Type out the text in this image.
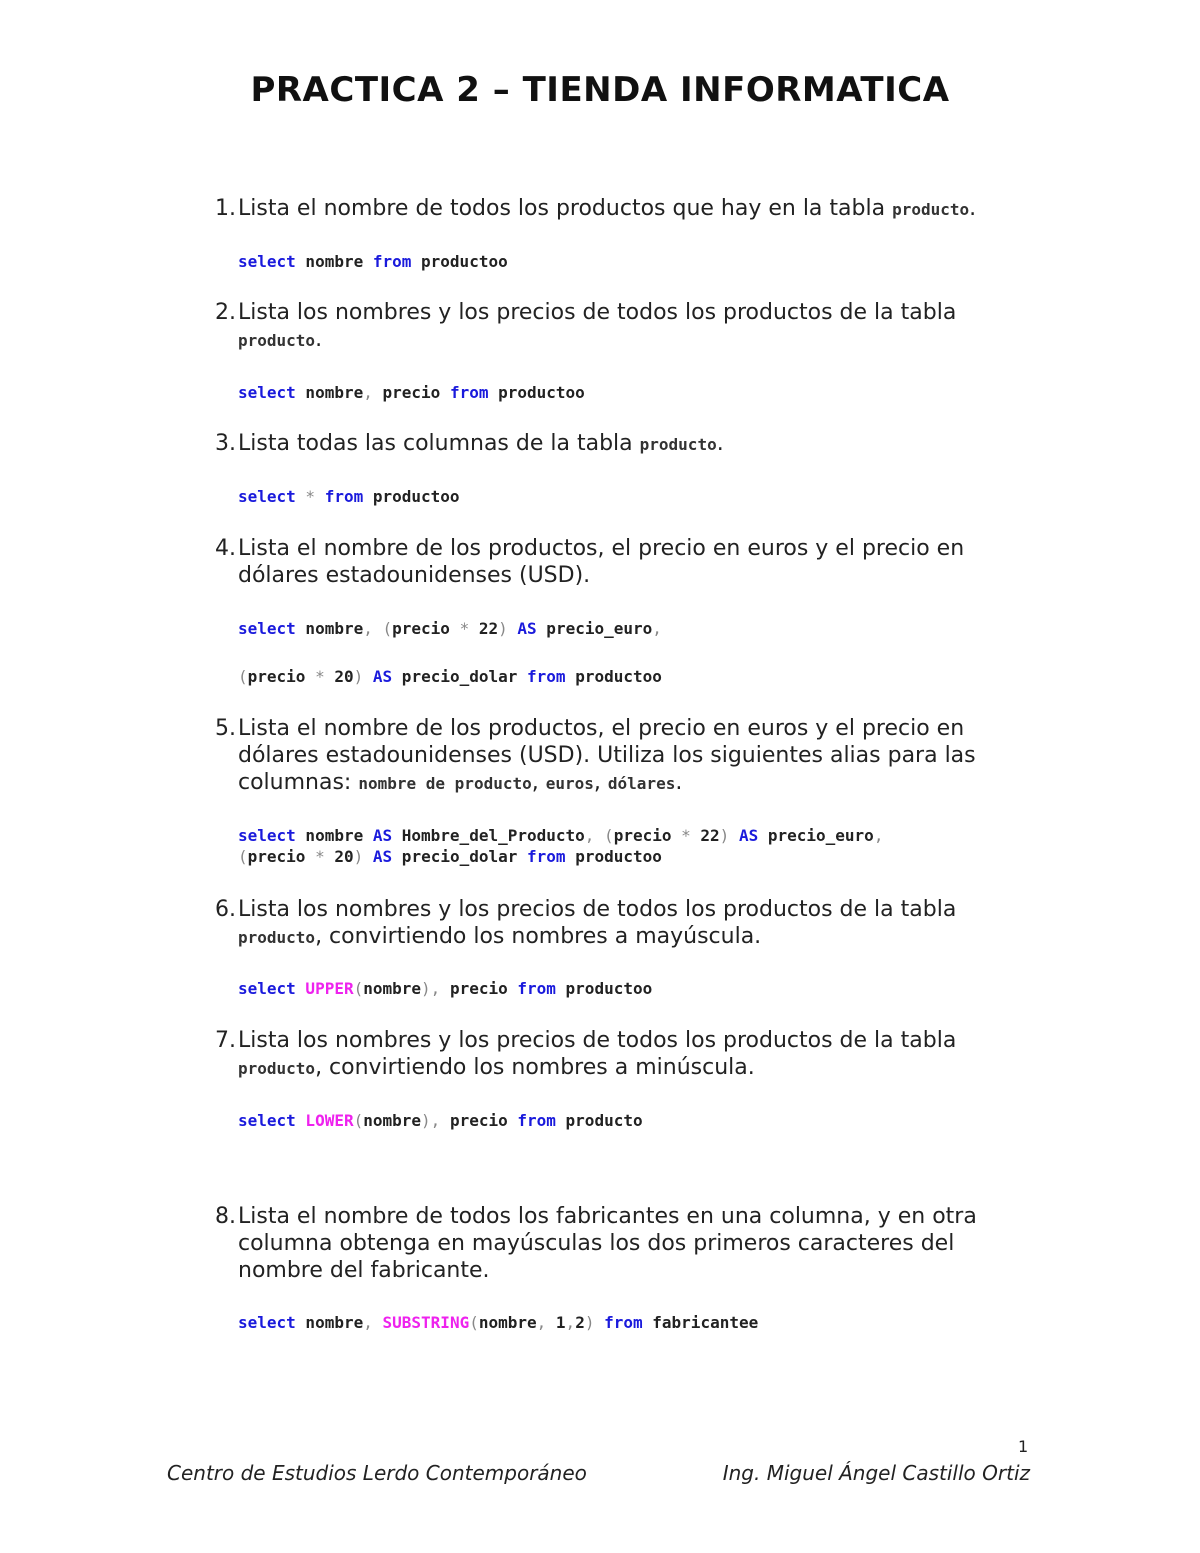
PRACTICA 2 – TIENDA INFORMATICA
1. Lista el nombre de todos los productos que hay en la tabla producto.
select nombre from productoo
2. Lista los nombres y los precios de todos los productos de la tabla producto.
select nombre, precio from productoo
3. Lista todas las columnas de la tabla producto.
select * from productoo
4. Lista el nombre de los productos, el precio en euros y el precio en dólares estadounidenses (USD).
select nombre, (precio * 22) AS precio_euro,
(precio * 20) AS precio_dolar from productoo
5. Lista el nombre de los productos, el precio en euros y el precio en dólares estadounidenses (USD). Utiliza los siguientes alias para las columnas: nombre de producto, euros, dólares.
select nombre AS Hombre_del_Producto, (precio * 22) AS precio_euro,
(precio * 20) AS precio_dolar from productoo
6. Lista los nombres y los precios de todos los productos de la tabla producto, convirtiendo los nombres a mayúscula.
select UPPER(nombre), precio from productoo
7. Lista los nombres y los precios de todos los productos de la tabla producto, convirtiendo los nombres a minúscula.
select LOWER(nombre), precio from producto
8. Lista el nombre de todos los fabricantes en una columna, y en otra columna obtenga en mayúsculas los dos primeros caracteres del nombre del fabricante.
select nombre, SUBSTRING(nombre, 1,2) from fabricantee
1
Centro de Estudios Lerdo Contemporáneo	Ing. Miguel Ángel Castillo Ortiz
